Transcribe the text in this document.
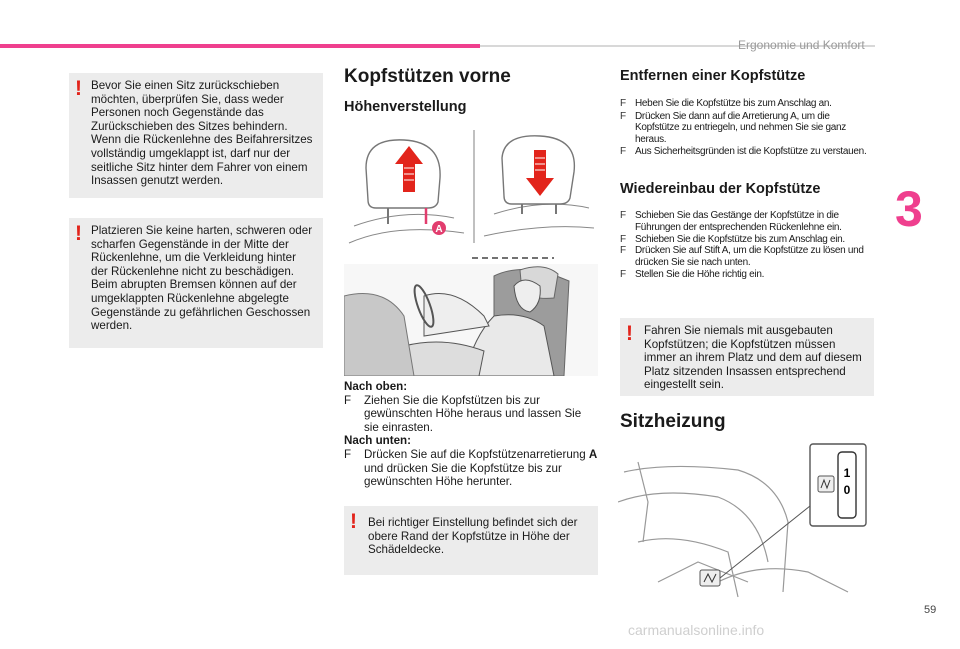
Ergonomie und Komfort
3
! Bevor Sie einen Sitz zurückschieben möchten, überprüfen Sie, dass weder Personen noch Gegenstände das Zurückschieben des Sitzes behindern. Wenn die Rückenlehne des Beifahrersitzes vollständig umgeklappt ist, darf nur der seitliche Sitz hinter dem Fahrer von einem Insassen genutzt werden.
! Platzieren Sie keine harten, schweren oder scharfen Gegenstände in der Mitte der Rückenlehne, um die Verkleidung hinter der Rückenlehne nicht zu beschädigen. Beim abrupten Bremsen können auf der umgeklappten Rückenlehne abgelegte Gegenstände zu gefährlichen Geschossen werden.
Kopfstützen vorne
Höhenverstellung
A
Nach oben:
F Ziehen Sie die Kopfstützen bis zur gewünschten Höhe heraus und lassen Sie sie einrasten.
Nach unten:
F Drücken Sie auf die Kopfstützenarretierung A und drücken Sie die Kopfstütze bis zur gewünschten Höhe herunter.
! Bei richtiger Einstellung befindet sich der obere Rand der Kopfstütze in Höhe der Schädeldecke.
Entfernen einer Kopfstütze
F Heben Sie die Kopfstütze bis zum Anschlag an.
F Drücken Sie dann auf die Arretierung A, um die Kopfstütze zu entriegeln, und nehmen Sie sie ganz heraus.
F Aus Sicherheitsgründen ist die Kopfstütze zu verstauen.
Wiedereinbau der Kopfstütze
F Schieben Sie das Gestänge der Kopfstütze in die Führungen der entsprechenden Rückenlehne ein.
F Schieben Sie die Kopfstütze bis zum Anschlag ein.
F Drücken Sie auf Stift A, um die Kopfstütze zu lösen und drücken Sie sie nach unten.
F Stellen Sie die Höhe richtig ein.
! Fahren Sie niemals mit ausgebauten Kopfstützen; die Kopfstützen müssen immer an ihrem Platz und dem auf diesem Platz sitzenden Insassen entsprechend eingestellt sein.
Sitzheizung
1
0
59
carmanualsonline.info
